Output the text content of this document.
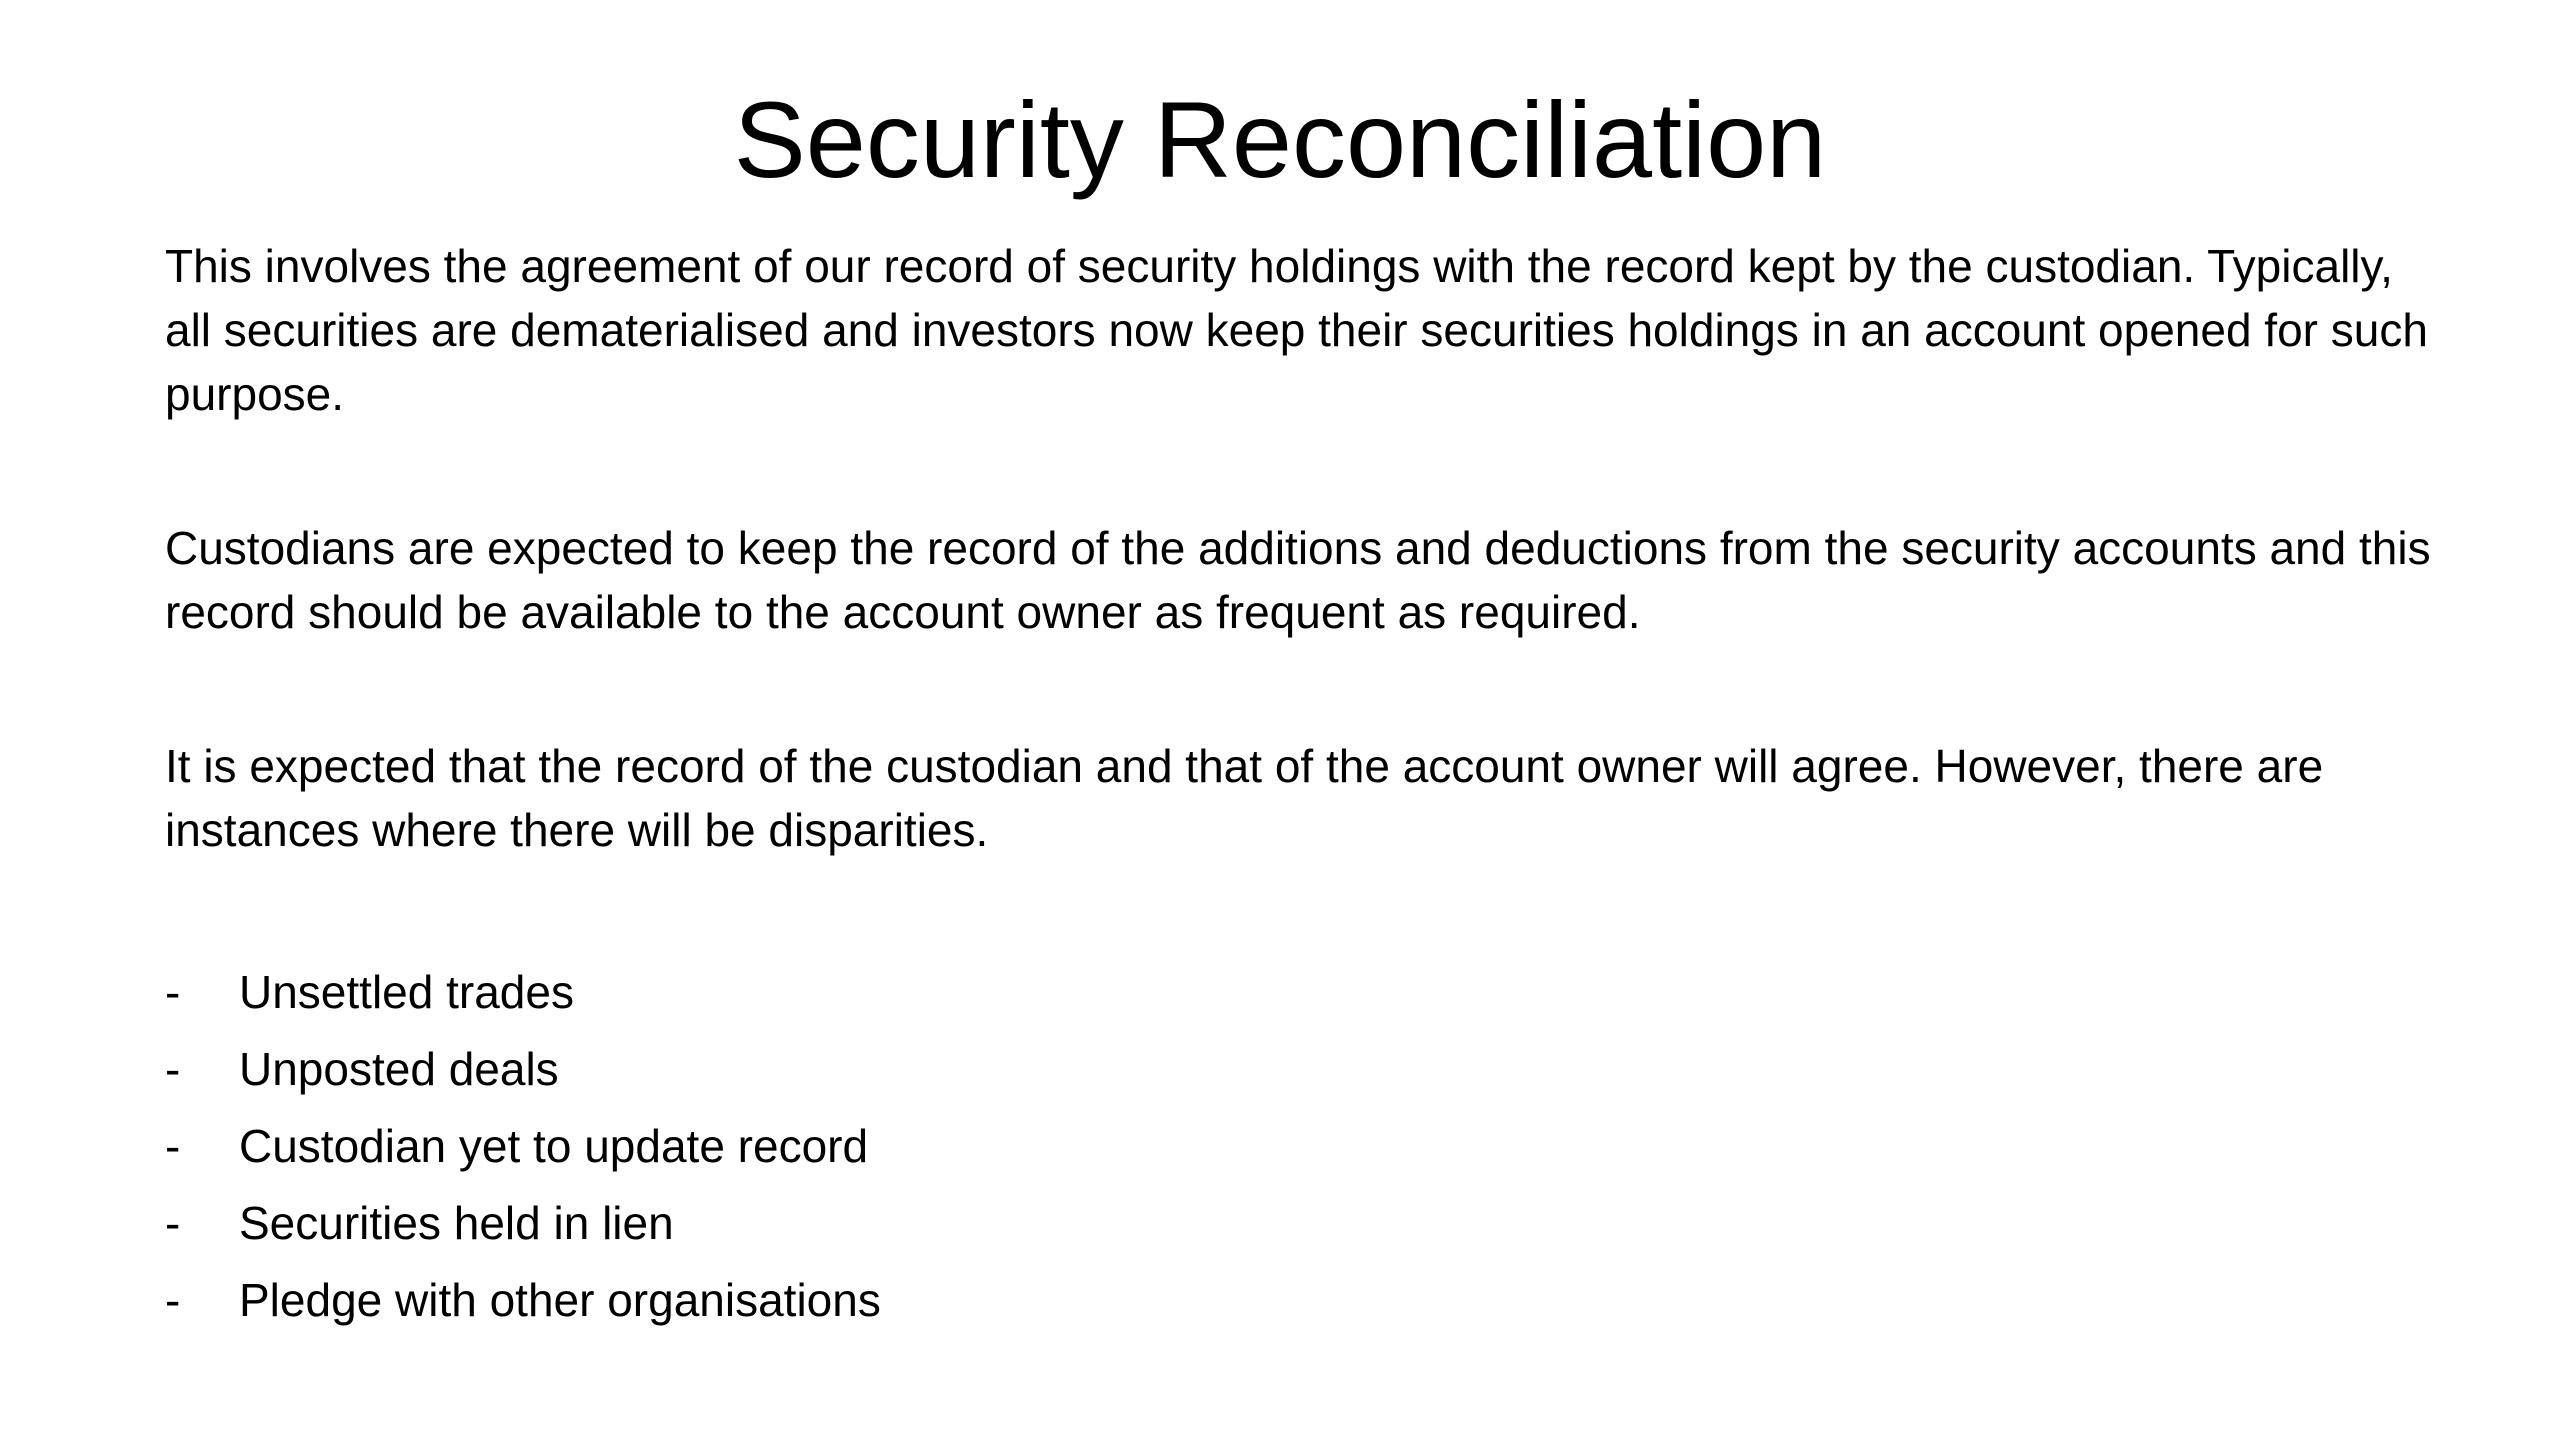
Security Reconciliation

This involves the agreement of our record of security holdings with the record kept by the custodian. Typically, all securities are dematerialised and investors now keep their securities holdings in an account opened for such purpose.

Custodians are expected to keep the record of the additions and deductions from the security accounts and this record should be available to the account owner as frequent as required.

It is expected that the record of the custodian and that of the account owner will agree. However, there are instances where there will be disparities.

-	Unsettled trades
-	Unposted deals
-	Custodian yet to update record
-	Securities held in lien
-	Pledge with other organisations
